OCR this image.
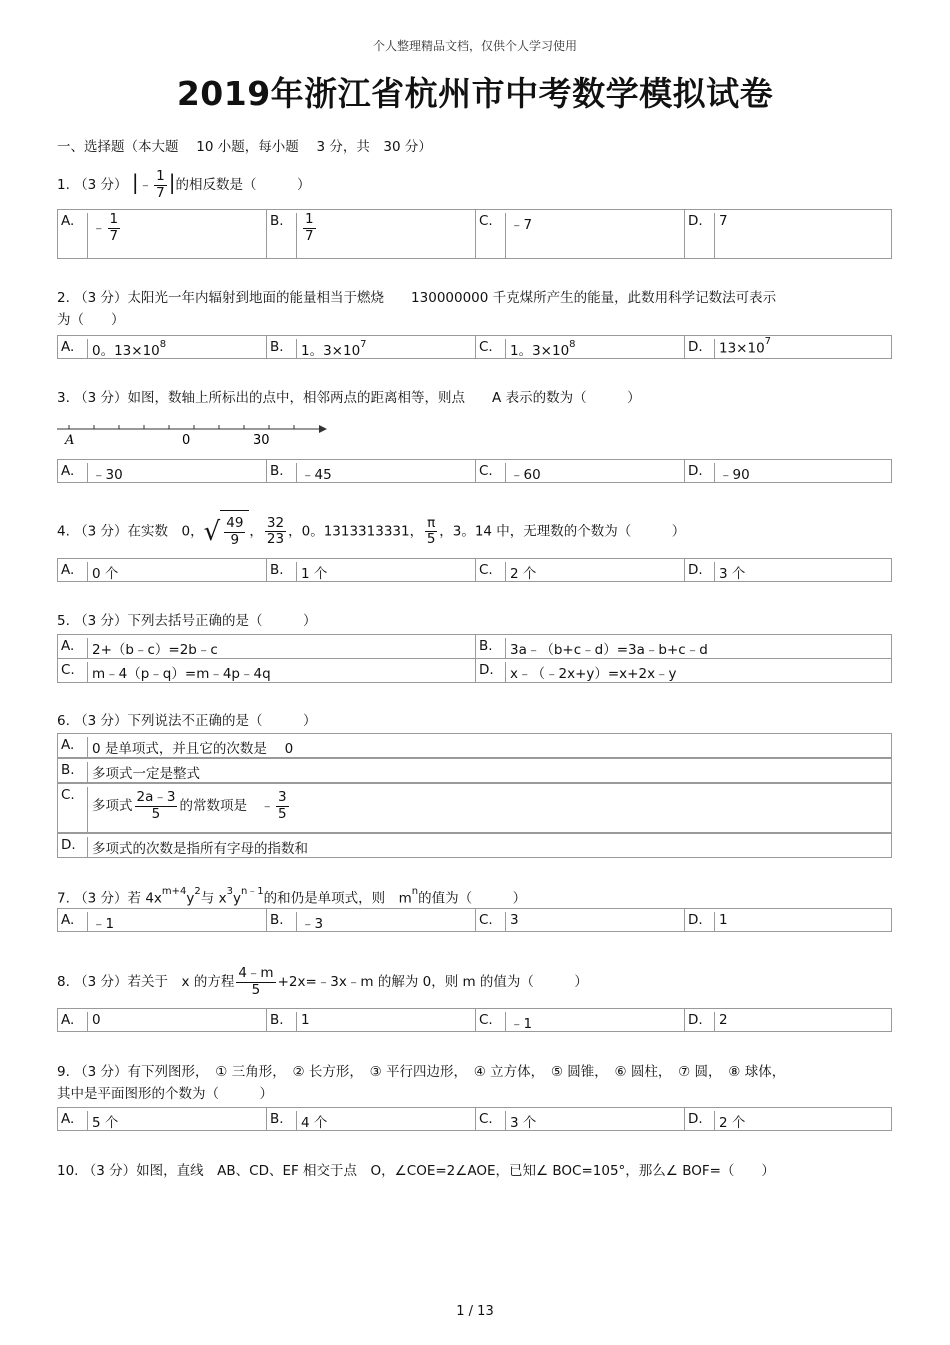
个人整理精品文档，仅供个人学习使用
2019年浙江省杭州市中考数学模拟试卷
一、选择题（本大题　 10 小题，每小题　 3 分，共　30 分）
1. （3 分） |﹣ $\frac{1}{7}$ |的相反数是（　　　）
A.	﹣ $\frac{1}{7}$	B. $\frac{1}{7}$	C.	﹣7	D.	7
2. （3 分）太阳光一年内辐射到地面的能量相当于燃烧　　130000000 千克煤所产生的能量，此数用科学记数法可表示
为（　　）
A.	0。$13\times 10^8$	B.	1。$3\times 10^7$	C.	1。$3\times 10^8$	D.	$13\times 10^7$
3. （3 分）如图，数轴上所标出的点中，相邻两点的距离相等，则点　　A 表示的数为（　　　）
A	0	30
A.	﹣30	B.	﹣45	C.	﹣60	D.	﹣90
4. （3 分）在实数　0，√ $\frac{49}{9}$ ， $\frac{32}{23}$ ，0。1313313331， $\frac{\pi}{5}$ ，3。14 中，无理数的个数为（　　　）
A.	0 个	B.	1 个	C.	2 个	D.	3 个
5. （3 分）下列去括号正确的是（　　　）
A.	2+（b﹣c）=2b﹣c	B.	3a﹣（b+c﹣d）=3a﹣b+c﹣d
C.	m﹣4（p﹣q）=m﹣4p﹣4q	D.	x﹣（﹣2x+y）=x+2x﹣y
6. （3 分）下列说法不正确的是（　　　）
A.	0 是单项式，并且它的次数是　 0
B.	多项式一定是整式
C.
多项式 $\frac{2a﹣3}{5}$ 的常数项是　 ﹣ $\frac{3}{5}$
D.	多项式的次数是指所有字母的指数和
7. （3 分）若 $4x^{m+4}y^2$与 $x^3y^{n﹣1}$的和仍是单项式，则　$m^n$的值为（　　　）
A.	﹣1	B.	﹣3	C.	3	D.	1
8. （3 分）若关于　x 的方程 $\frac{4﹣m}{5}$ +2x=﹣3x﹣m 的解为 0，则 m 的值为（　　　）
A.	0	B.	1	C.	﹣1	D.	2
9. （3 分）有下列图形，　① 三角形，　② 长方形，　③ 平行四边形，　④ 立方体，　⑤ 圆锥，　⑥ 圆柱，　⑦ 圆，　⑧ 球体，
其中是平面图形的个数为（　　　）
A.	5 个	B.	4 个	C.	3 个	D.	2 个
10. （3 分）如图，直线　AB、CD、EF 相交于点　O，∠COE=2∠AOE，已知∠ BOC=105°，那么∠ BOF=（　　）
1 / 13
